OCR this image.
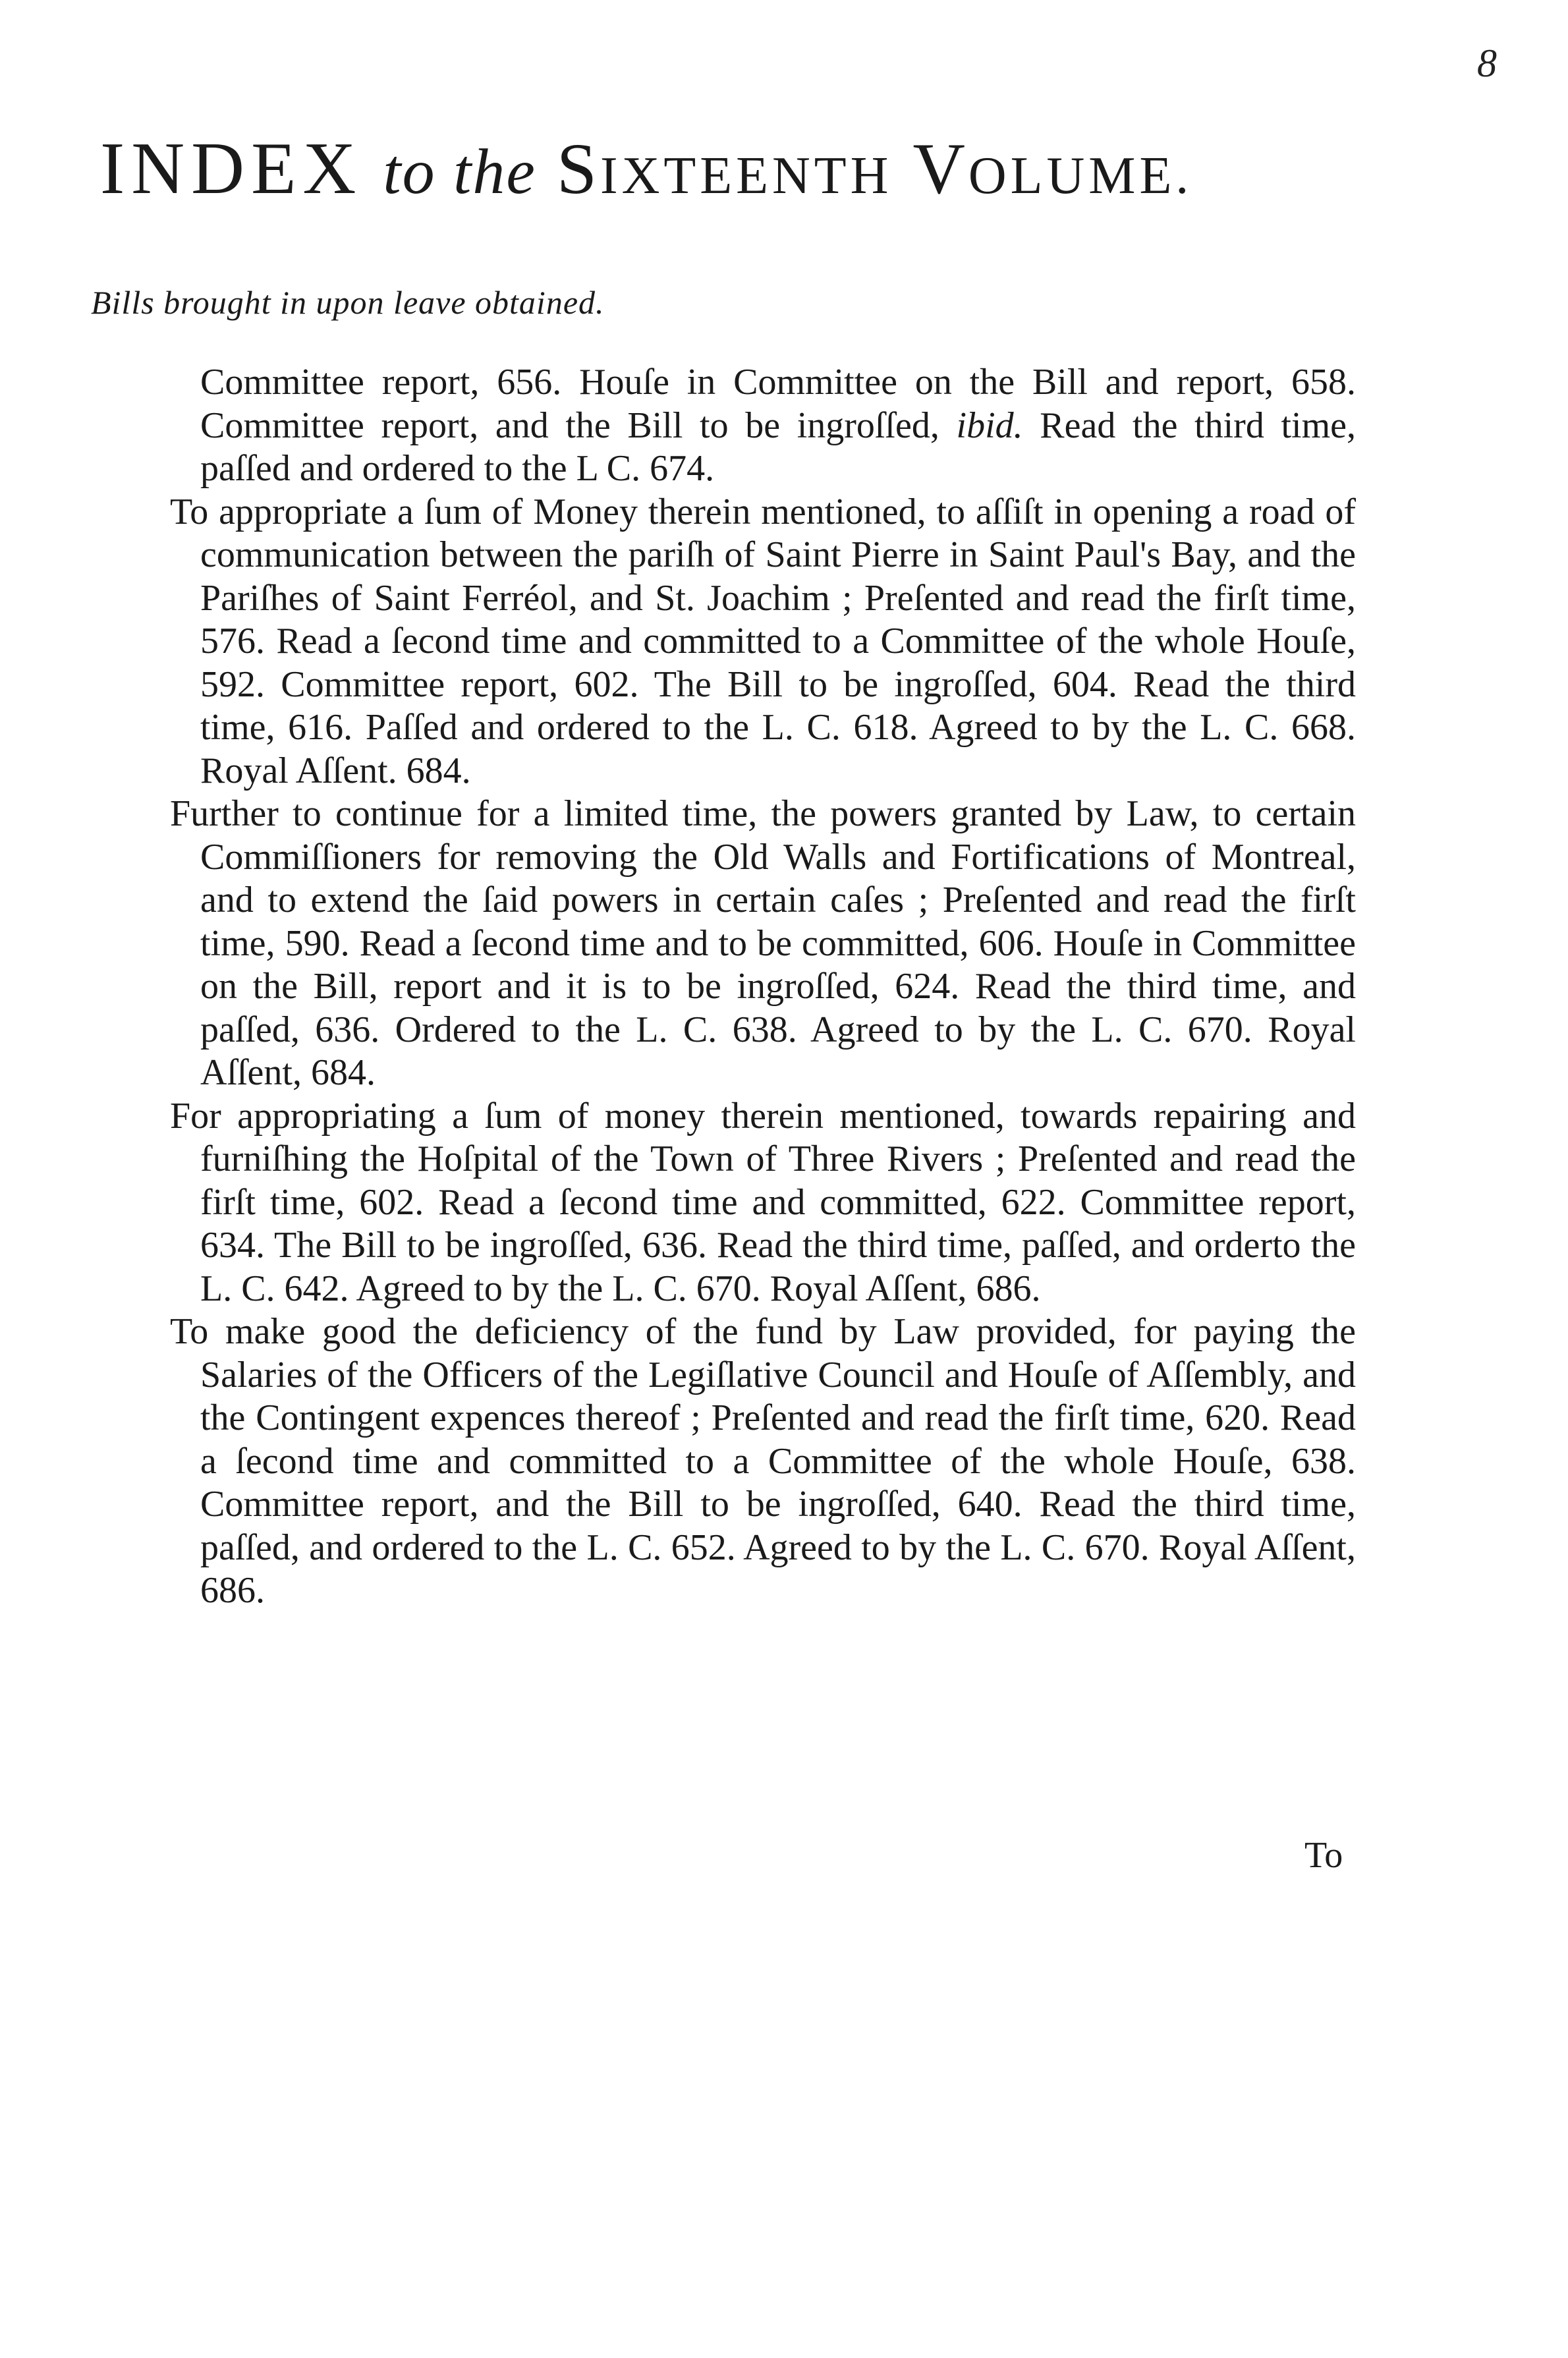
8
INDEX to the SIXTEENTH VOLUME.
Bills brought in upon leave obtained.
Committee report, 656. Houſe in Committee on the Bill and report, 658. Committee report, and the Bill to be ingroſſed, ibid. Read the third time, paſſed and ordered to the L C. 674.
To appropriate a ſum of Money therein mentioned, to aſſiſt in opening a road of communication between the pariſh of Saint Pierre in Saint Paul's Bay, and the Pariſhes of Saint Ferréol, and St. Joachim ; Preſented and read the firſt time, 576. Read a ſecond time and committed to a Committee of the whole Houſe, 592. Committee report, 602. The Bill to be ingroſſed, 604. Read the third time, 616. Paſſed and ordered to the L. C. 618. Agreed to by the L. C. 668. Royal Aſſent. 684.
Further to continue for a limited time, the powers granted by Law, to certain Commiſſioners for removing the Old Walls and Fortifications of Montreal, and to extend the ſaid powers in certain caſes ; Preſented and read the firſt time, 590. Read a ſecond time and to be committed, 606. Houſe in Committee on the Bill, report and it is to be ingroſſed, 624. Read the third time, and paſſed, 636. Ordered to the L. C. 638. Agreed to by the L. C. 670. Royal Aſſent, 684.
For appropriating a ſum of money therein mentioned, towards repairing and furniſhing the Hoſpital of the Town of Three Rivers ; Preſented and read the firſt time, 602. Read a ſecond time and committed, 622. Committee report, 634. The Bill to be ingroſſed, 636. Read the third time, paſſed, and orderto the L. C. 642. Agreed to by the L. C. 670. Royal Aſſent, 686.
To make good the deficiency of the fund by Law provided, for paying the Salaries of the Officers of the Legiſlative Council and Houſe of Aſſembly, and the Contingent expences thereof ; Preſented and read the firſt time, 620. Read a ſecond time and committed to a Committee of the whole Houſe, 638. Committee report, and the Bill to be ingroſſed, 640. Read the third time, paſſed, and ordered to the L. C. 652. Agreed to by the L. C. 670. Royal Aſſent, 686.
To
